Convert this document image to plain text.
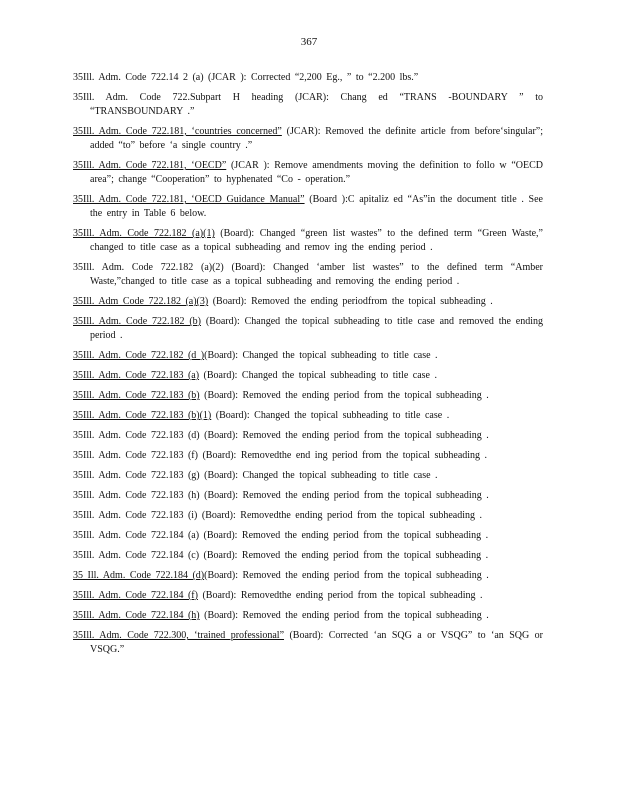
367

35Ill. Adm. Code 722.14 2 (a) (JCAR ): Corrected “2,200 Eg., ” to “2.200 lbs.”

35Ill. Adm. Code 722.Subpart H heading (JCAR): Chang ed “TRANS -BOUNDARY ” to “TRANSBOUNDARY .”

35Ill. Adm. Code 722.181, ‘countries concerned” (JCAR): Removed the definite article from before‘singular”; added “to” before ‘a single country .”

35Ill. Adm. Code 722.181, ‘OECD” (JCAR ): Remove amendments moving the definition to follo w “OECD area”; change “Cooperation” to hyphenated “Co - operation.”

35Ill. Adm. Code 722.181, ‘OECD Guidance Manual” (Board ):C apitaliz ed “As”in the document title . See the entry in Table 6 below.

35Ill. Adm. Code 722.182 (a)(1) (Board): Changed “green list wastes” to the defined term “Green Waste,” changed to title case as a topical subheading and remov ing the ending period .

35Ill. Adm. Code 722.182 (a)(2) (Board): Changed ‘amber list wastes” to the defined term “Amber Waste,”changed to title case as a topical subheading and removing the ending period .

35Ill. Adm Code 722.182 (a)(3) (Board): Removed the ending periodfrom the topical subheading .

35Ill. Adm. Code 722.182 (b) (Board): Changed the topical subheading to title case and removed the ending period .

35Ill. Adm. Code 722.182 (d )(Board): Changed the topical subheading to title case .

35Ill. Adm. Code 722.183 (a) (Board): Changed the topical subheading to title case .

35Ill. Adm. Code 722.183 (b) (Board): Removed the ending period from the topical subheading .

35Ill. Adm. Code 722.183 (b)(1) (Board): Changed the topical subheading to title case .

35Ill. Adm. Code 722.183 (d) (Board): Removed the ending period from the topical subheading .

35Ill. Adm. Code 722.183 (f) (Board): Removedthe end ing period from the topical subheading .

35Ill. Adm. Code 722.183 (g) (Board): Changed the topical subheading to title case .

35Ill. Adm. Code 722.183 (h) (Board): Removed the ending period from the topical subheading .

35Ill. Adm. Code 722.183 (i) (Board): Removedthe ending period from the topical subheading .

35Ill. Adm. Code 722.184 (a) (Board): Removed the ending period from the topical subheading .

35Ill. Adm. Code 722.184 (c) (Board): Removed the ending period from the topical subheading .

35 Ill. Adm. Code 722.184 (d)(Board): Removed the ending period from the topical subheading .

35Ill. Adm. Code 722.184 (f) (Board): Removedthe ending period from the topical subheading .

35Ill. Adm. Code 722.184 (h) (Board): Removed the ending period from the topical subheading .

35Ill. Adm. Code 722.300, ‘trained professional” (Board): Corrected ‘an SQG a or VSQG” to ‘an SQG or VSQG.”
